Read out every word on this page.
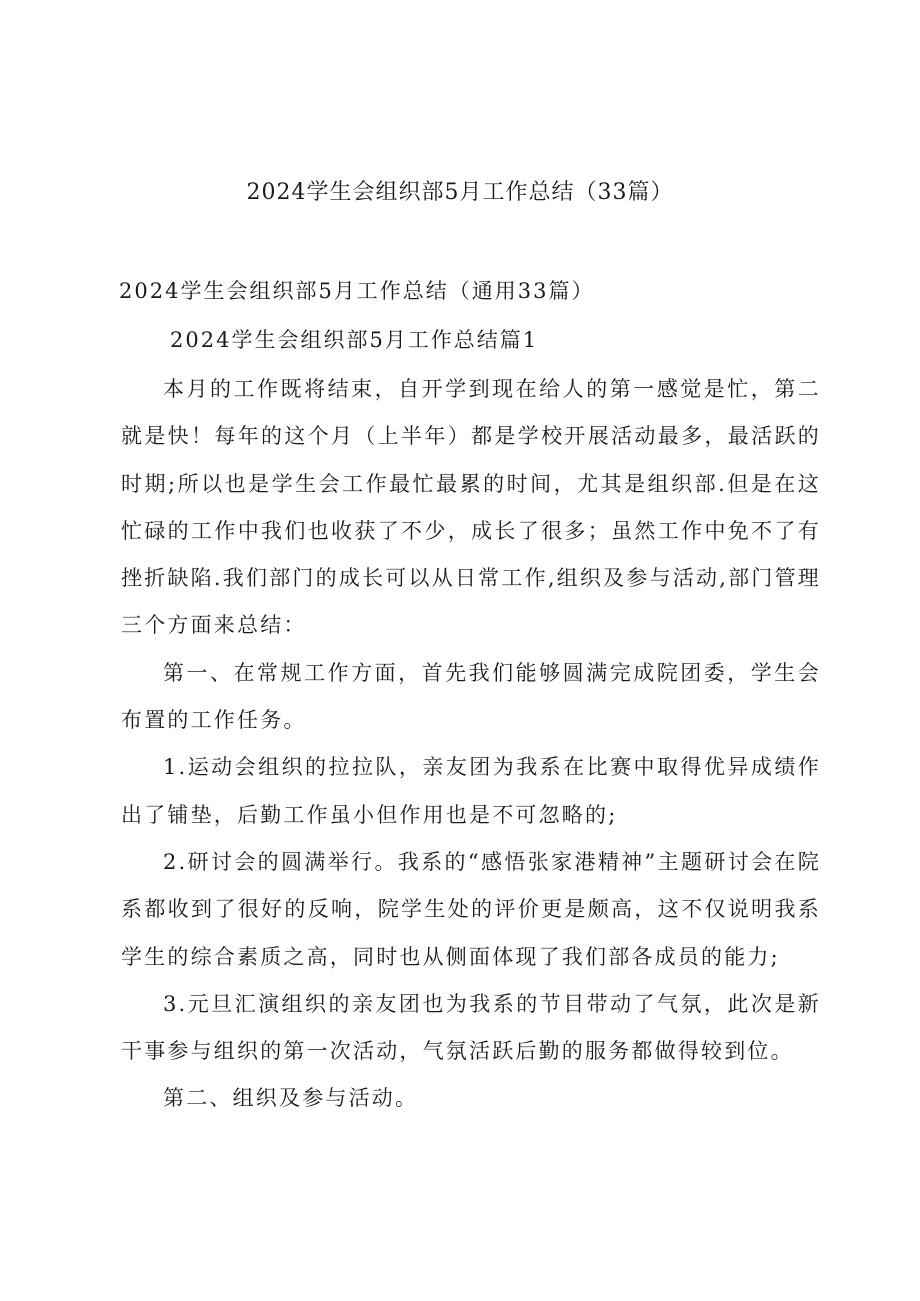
2024学生会组织部5月工作总结（33篇）

2024学生会组织部5月工作总结（通用33篇）

2024学生会组织部5月工作总结篇1

本月的工作既将结束，自开学到现在给人的第一感觉是忙，第二就是快！每年的这个月（上半年）都是学校开展活动最多，最活跃的时期;所以也是学生会工作最忙最累的时间，尤其是组织部.但是在这忙碌的工作中我们也收获了不少，成长了很多；虽然工作中免不了有挫折缺陷.我们部门的成长可以从日常工作,组织及参与活动,部门管理三个方面来总结：

第一、在常规工作方面，首先我们能够圆满完成院团委，学生会布置的工作任务。

1.运动会组织的拉拉队，亲友团为我系在比赛中取得优异成绩作出了铺垫，后勤工作虽小但作用也是不可忽略的;

2.研讨会的圆满举行。我系的“感悟张家港精神”主题研讨会在院系都收到了很好的反响，院学生处的评价更是颇高，这不仅说明我系学生的综合素质之高，同时也从侧面体现了我们部各成员的能力;

3.元旦汇演组织的亲友团也为我系的节目带动了气氛，此次是新干事参与组织的第一次活动，气氛活跃后勤的服务都做得较到位。

第二、组织及参与活动。
